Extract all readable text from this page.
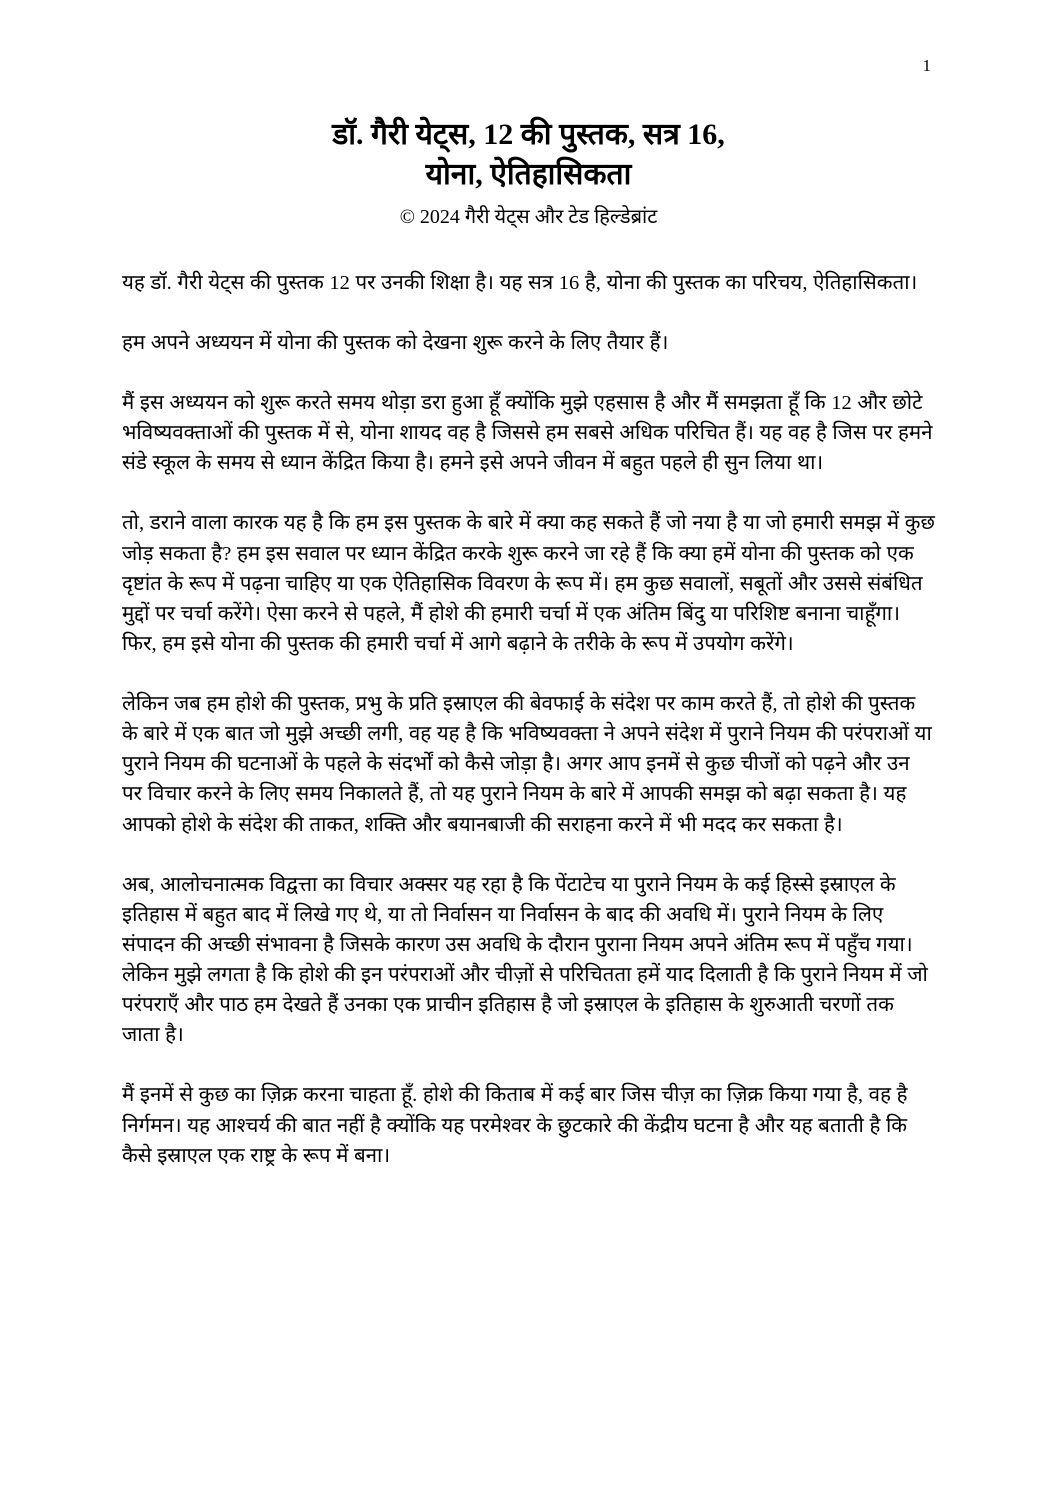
1
डॉ. गैरी येट्स, 12 की पुस्तक, सत्र 16,
योना, ऐतिहासिकता
© 2024 गैरी येट्स और टेड हिल्डेब्रांट

यह डॉ. गैरी येट्स की पुस्तक 12 पर उनकी शिक्षा है। यह सत्र 16 है, योना की पुस्तक का परिचय, ऐतिहासिकता।

हम अपने अध्ययन में योना की पुस्तक को देखना शुरू करने के लिए तैयार हैं।

मैं इस अध्ययन को शुरू करते समय थोड़ा डरा हुआ हूँ क्योंकि मुझे एहसास है और मैं समझता हूँ कि 12 और छोटे भविष्यवक्ताओं की पुस्तक में से, योना शायद वह है जिससे हम सबसे अधिक परिचित हैं। यह वह है जिस पर हमने संडे स्कूल के समय से ध्यान केंद्रित किया है। हमने इसे अपने जीवन में बहुत पहले ही सुन लिया था।

तो, डराने वाला कारक यह है कि हम इस पुस्तक के बारे में क्या कह सकते हैं जो नया है या जो हमारी समझ में कुछ जोड़ सकता है? हम इस सवाल पर ध्यान केंद्रित करके शुरू करने जा रहे हैं कि क्या हमें योना की पुस्तक को एक दृष्टांत के रूप में पढ़ना चाहिए या एक ऐतिहासिक विवरण के रूप में। हम कुछ सवालों, सबूतों और उससे संबंधित मुद्दों पर चर्चा करेंगे। ऐसा करने से पहले, मैं होशे की हमारी चर्चा में एक अंतिम बिंदु या परिशिष्ट बनाना चाहूँगा। फिर, हम इसे योना की पुस्तक की हमारी चर्चा में आगे बढ़ाने के तरीके के रूप में उपयोग करेंगे।

लेकिन जब हम होशे की पुस्तक, प्रभु के प्रति इस्राएल की बेवफाई के संदेश पर काम करते हैं, तो होशे की पुस्तक के बारे में एक बात जो मुझे अच्छी लगी, वह यह है कि भविष्यवक्ता ने अपने संदेश में पुराने नियम की परंपराओं या पुराने नियम की घटनाओं के पहले के संदर्भों को कैसे जोड़ा है। अगर आप इनमें से कुछ चीजों को पढ़ने और उन पर विचार करने के लिए समय निकालते हैं, तो यह पुराने नियम के बारे में आपकी समझ को बढ़ा सकता है। यह आपको होशे के संदेश की ताकत, शक्ति और बयानबाजी की सराहना करने में भी मदद कर सकता है।

अब, आलोचनात्मक विद्वत्ता का विचार अक्सर यह रहा है कि पेंटाटेच या पुराने नियम के कई हिस्से इस्राएल के इतिहास में बहुत बाद में लिखे गए थे, या तो निर्वासन या निर्वासन के बाद की अवधि में। पुराने नियम के लिए संपादन की अच्छी संभावना है जिसके कारण उस अवधि के दौरान पुराना नियम अपने अंतिम रूप में पहुँच गया। लेकिन मुझे लगता है कि होशे की इन परंपराओं और चीज़ों से परिचितता हमें याद दिलाती है कि पुराने नियम में जो परंपराएँ और पाठ हम देखते हैं उनका एक प्राचीन इतिहास है जो इस्राएल के इतिहास के शुरुआती चरणों तक जाता है।

मैं इनमें से कुछ का ज़िक्र करना चाहता हूँ. होशे की किताब में कई बार जिस चीज़ का ज़िक्र किया गया है, वह है निर्गमन। यह आश्चर्य की बात नहीं है क्योंकि यह परमेश्वर के छुटकारे की केंद्रीय घटना है और यह बताती है कि कैसे इस्राएल एक राष्ट्र के रूप में बना।
